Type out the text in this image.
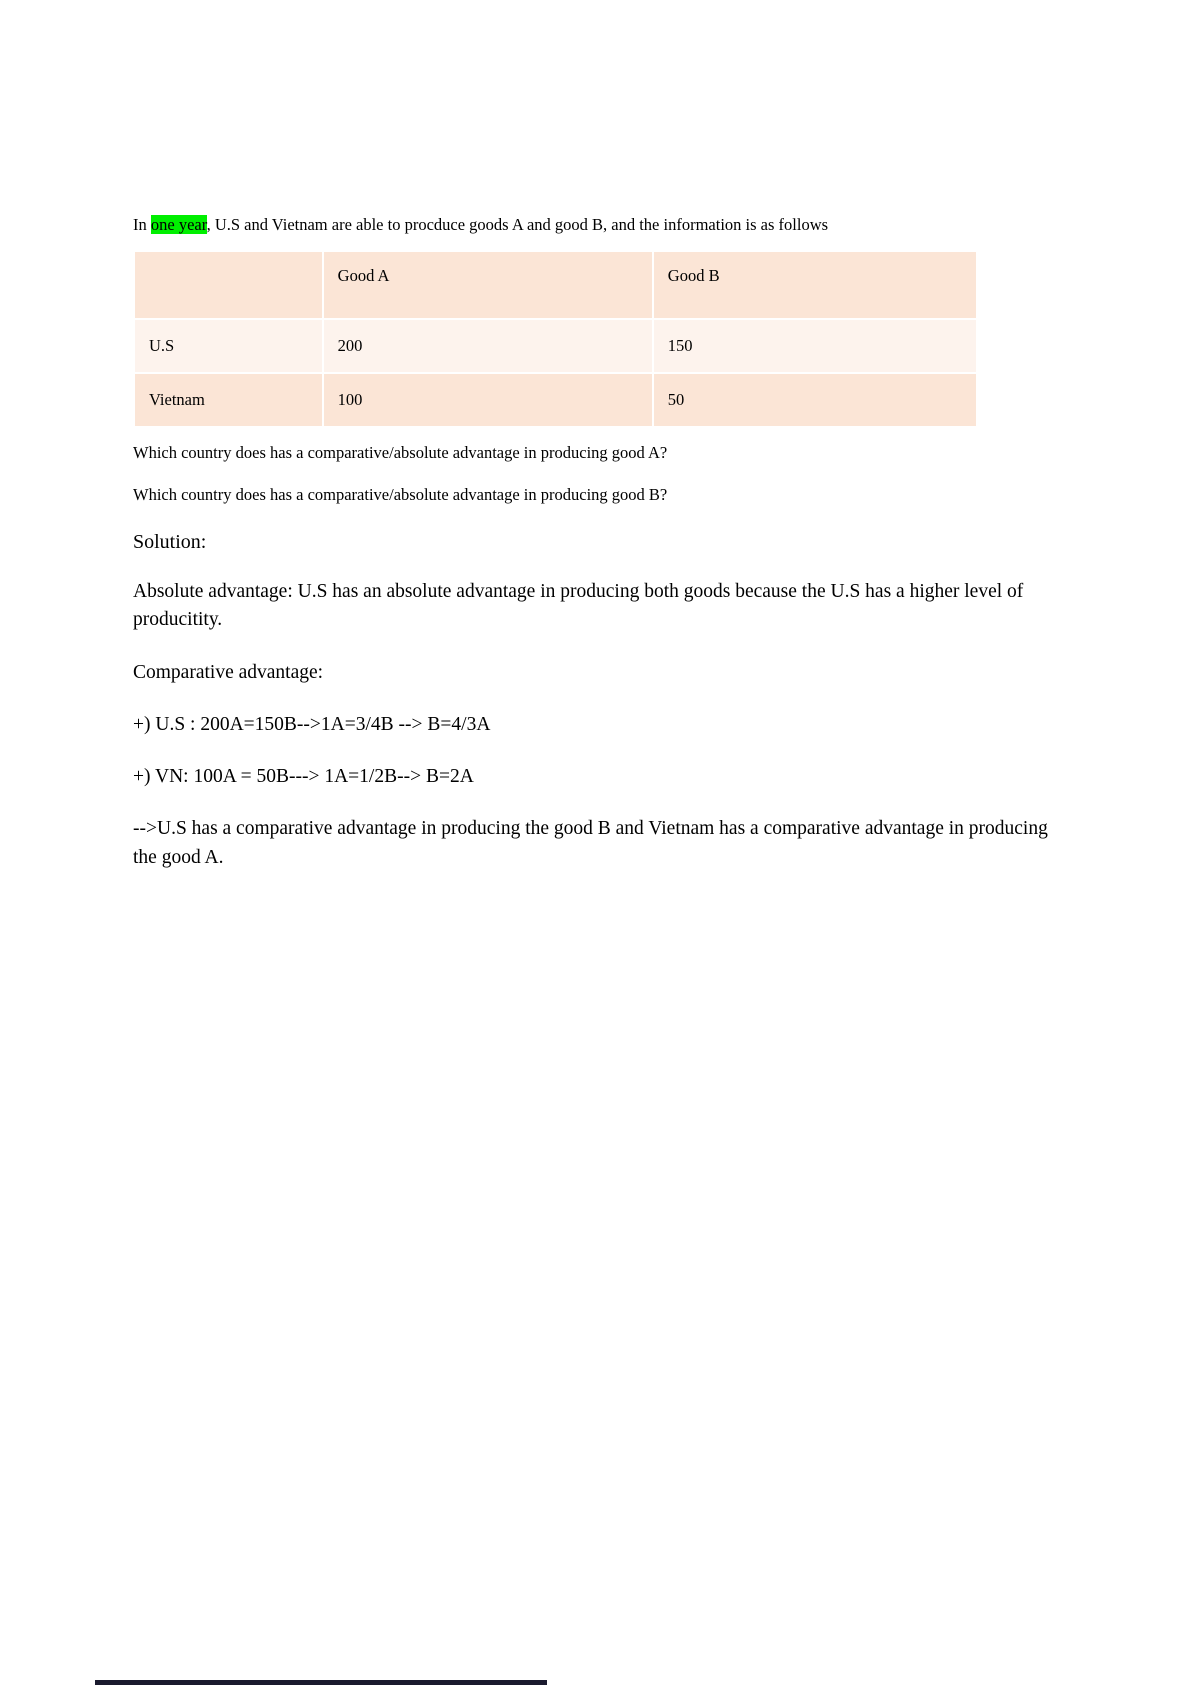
In one year, U.S and Vietnam are able to procduce goods A and good B, and the information is as follows

	Good A	Good B
U.S	200	150
Vietnam	100	50

Which country does has a comparative/absolute advantage in producing good A?

Which country does has a comparative/absolute advantage in producing good B?

Solution:

Absolute advantage: U.S has an absolute advantage in producing both goods because the U.S has a higher level of producitity.

Comparative advantage:

+) U.S : 200A=150B-->1A=3/4B --> B=4/3A

+) VN: 100A = 50B---> 1A=1/2B--> B=2A

-->U.S has a comparative advantage in producing the good B and Vietnam has a comparative advantage in producing the good A.
